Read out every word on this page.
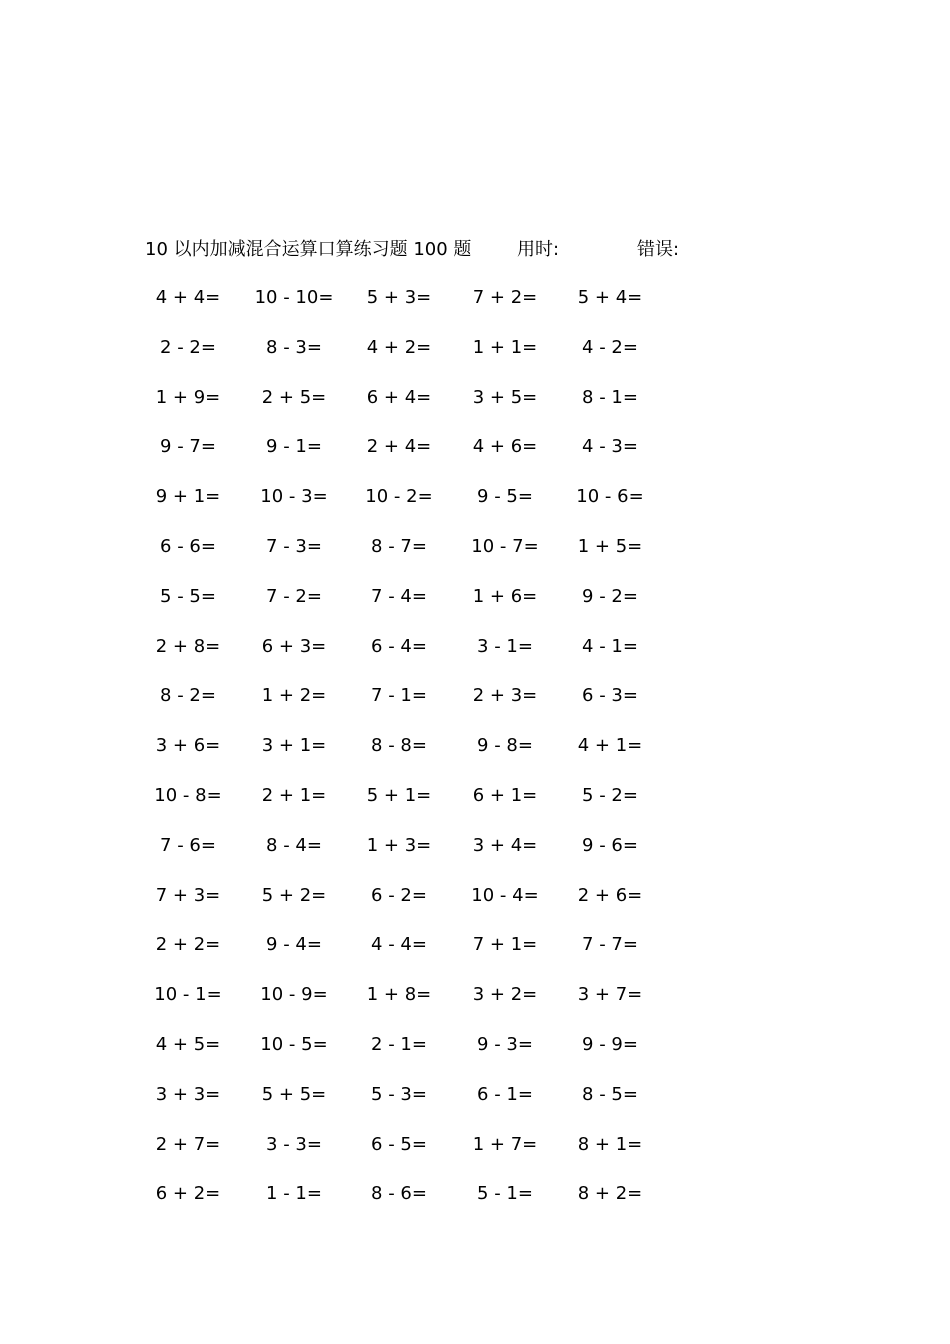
10 以内加减混合运算口算练习题 100 题	用时:	错误:
4 + 4=	10 - 10=	5 + 3=	7 + 2=	5 + 4=
2 - 2=	8 - 3=	4 + 2=	1 + 1=	4 - 2=
1 + 9=	2 + 5=	6 + 4=	3 + 5=	8 - 1=
9 - 7=	9 - 1=	2 + 4=	4 + 6=	4 - 3=
9 + 1=	10 - 3=	10 - 2=	9 - 5=	10 - 6=
6 - 6=	7 - 3=	8 - 7=	10 - 7=	1 + 5=
5 - 5=	7 - 2=	7 - 4=	1 + 6=	9 - 2=
2 + 8=	6 + 3=	6 - 4=	3 - 1=	4 - 1=
8 - 2=	1 + 2=	7 - 1=	2 + 3=	6 - 3=
3 + 6=	3 + 1=	8 - 8=	9 - 8=	4 + 1=
10 - 8=	2 + 1=	5 + 1=	6 + 1=	5 - 2=
7 - 6=	8 - 4=	1 + 3=	3 + 4=	9 - 6=
7 + 3=	5 + 2=	6 - 2=	10 - 4=	2 + 6=
2 + 2=	9 - 4=	4 - 4=	7 + 1=	7 - 7=
10 - 1=	10 - 9=	1 + 8=	3 + 2=	3 + 7=
4 + 5=	10 - 5=	2 - 1=	9 - 3=	9 - 9=
3 + 3=	5 + 5=	5 - 3=	6 - 1=	8 - 5=
2 + 7=	3 - 3=	6 - 5=	1 + 7=	8 + 1=
6 + 2=	1 - 1=	8 - 6=	5 - 1=	8 + 2=
